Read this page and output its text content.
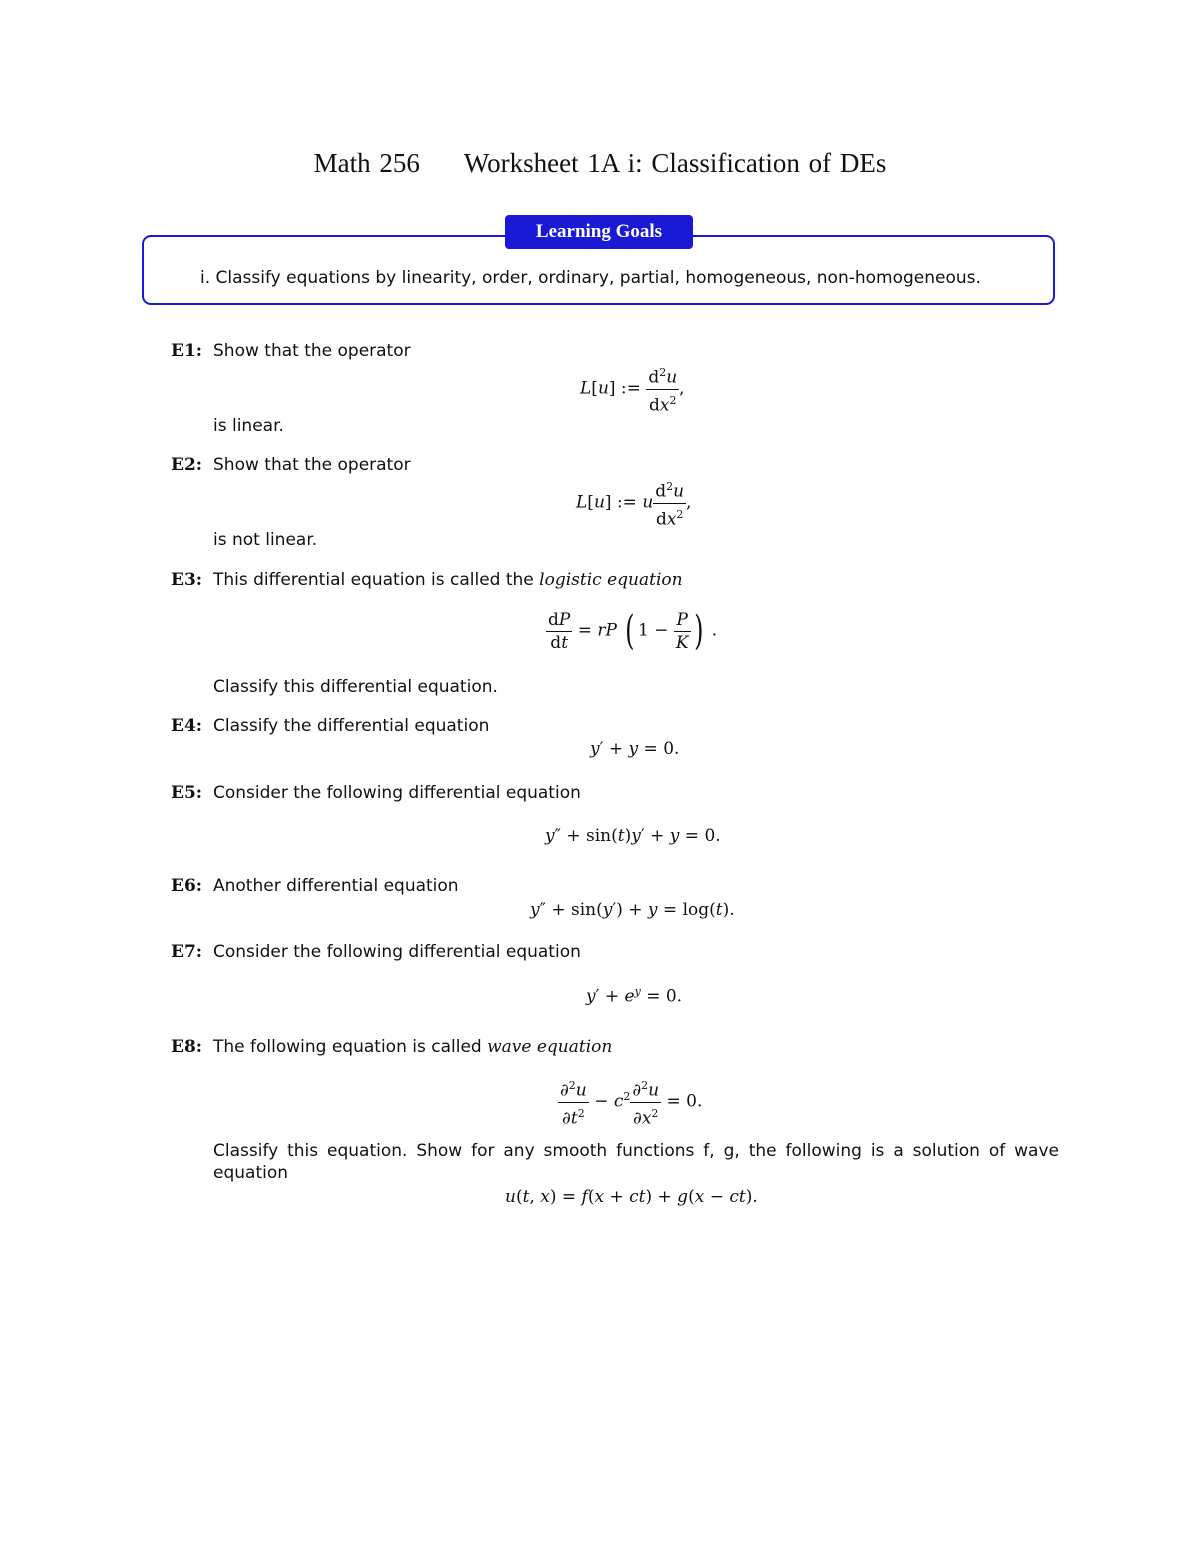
Math 256 Worksheet 1A i: Classification of DEs
Learning Goals
i. Classify equations by linearity, order, ordinary, partial, homogeneous, non-homogeneous.
E1: Show that the operator
L[u] := $\frac{d^2u}{dx^2}$ ,
is linear.
E2: Show that the operator
L[u] := u $\frac{d^2u}{dx^2}$ ,
is not linear.
E3: This differential equation is called the logistic equation
$\frac{dP}{dt}$ = rP ( $1 - \frac{P}{K}$ ) .
Classify this differential equation.
E4: Classify the differential equation
y′ + y = 0.
E5: Consider the following differential equation
y″ + sin(t)y′ + y = 0.
E6: Another differential equation
y″ + sin(y′) + y = log(t).
E7: Consider the following differential equation
$y' + e^y = 0$.
E8: The following equation is called wave equation
$\frac{\partial^2u}{\partial t^2} - c^2 \frac{\partial^2u}{\partial x^2} = 0$.
Classify this equation. Show for any smooth functions f, g, the following is a solution of wave equation
u(t, x) = f(x + ct) + g(x − ct).
